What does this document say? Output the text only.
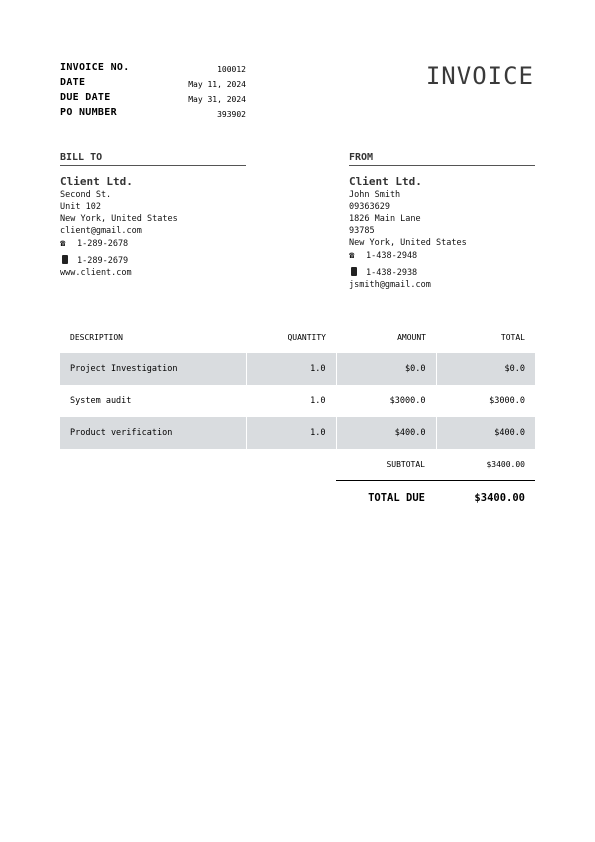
INVOICE NO.	100012
DATE	May 11, 2024
DUE DATE	May 31, 2024
PO NUMBER	393902
INVOICE
BILL TO
Client Ltd.
Second St.
Unit 102
New York, United States
client@gmail.com
☎1-289-2678
1-289-2679
www.client.com
FROM
Client Ltd.
John Smith
09363629
1826 Main Lane
93785
New York, United States
☎1-438-2948
1-438-2938
jsmith@gmail.com
DESCRIPTION	QUANTITY	AMOUNT	TOTAL
Project Investigation	1.0	$0.0	$0.0
System audit	1.0	$3000.0	$3000.0
Product verification	1.0	$400.0	$400.0
SUBTOTAL	$3400.00
TOTAL DUE	$3400.00
